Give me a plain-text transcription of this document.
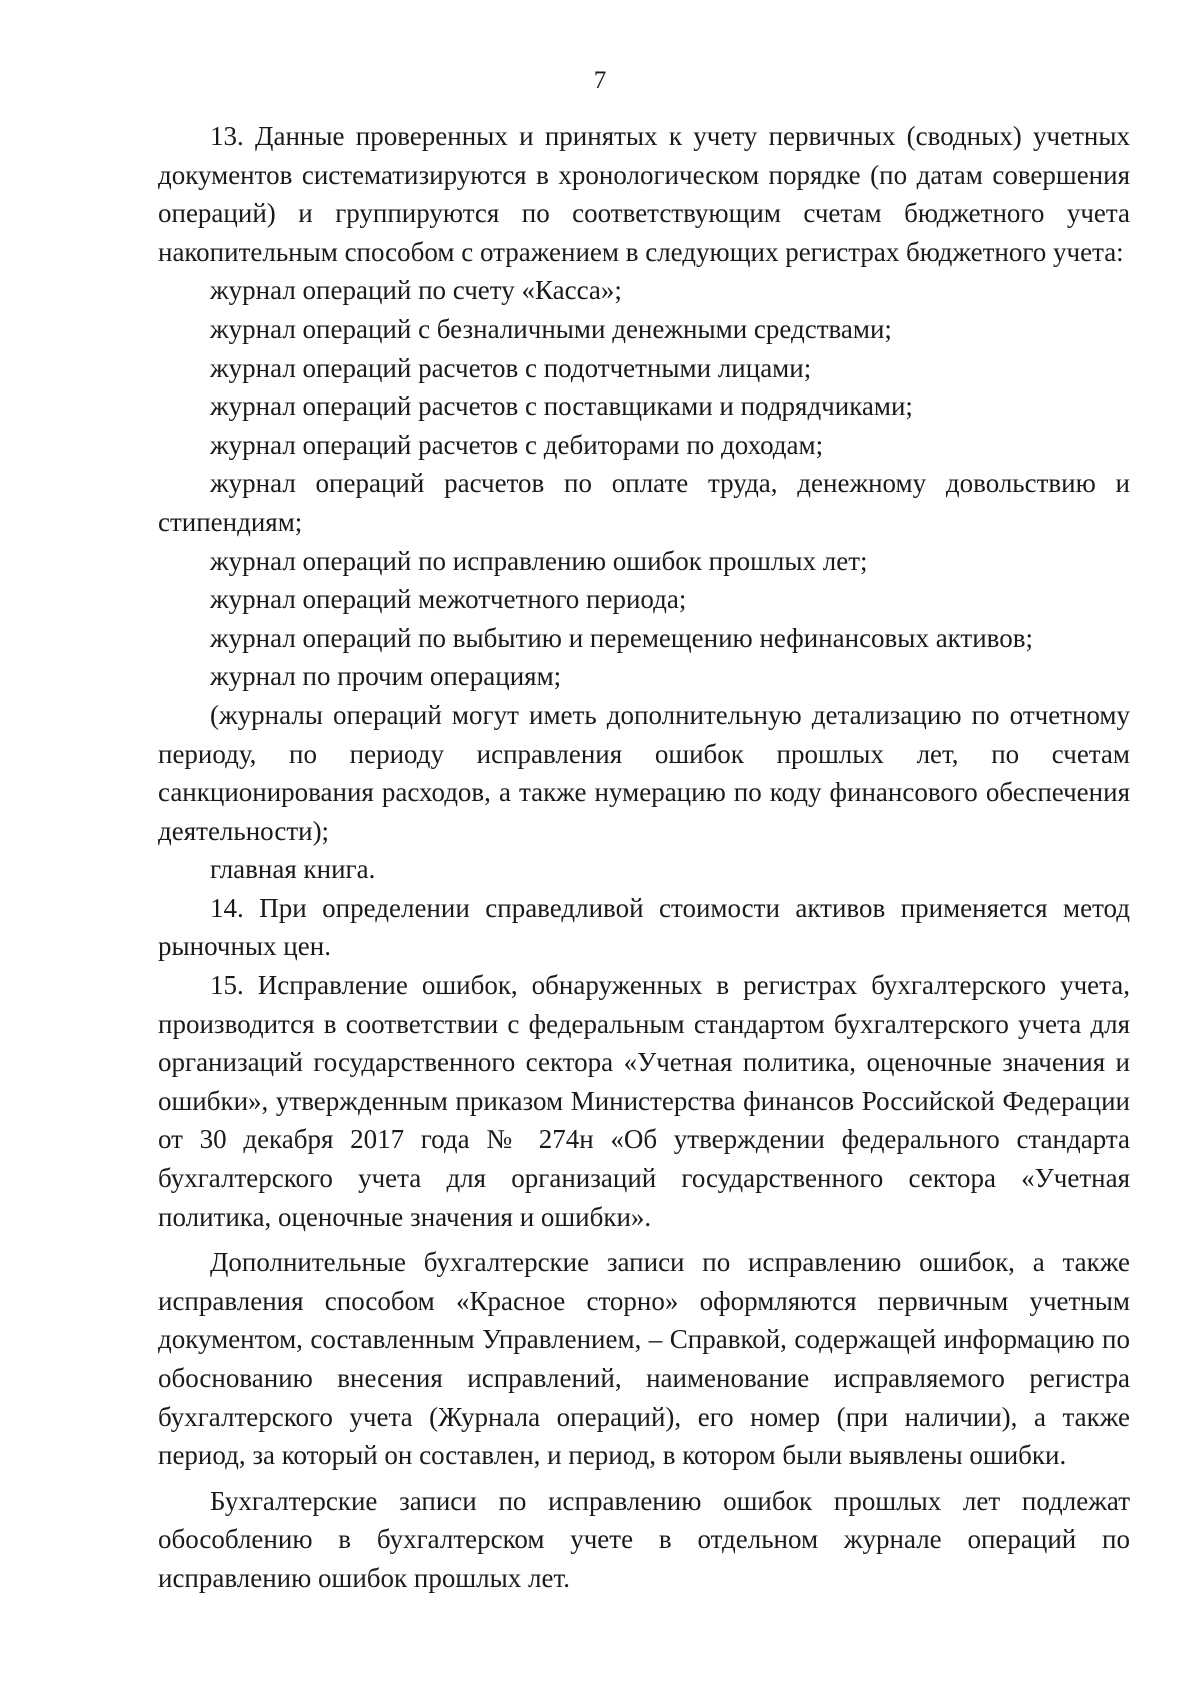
7

13. Данные проверенных и принятых к учету первичных (сводных) учетных документов систематизируются в хронологическом порядке (по датам совершения операций) и группируются по соответствующим счетам бюджетного учета накопительным способом с отражением в следующих регистрах бюджетного учета:

журнал операций по счету «Касса»;

журнал операций с безналичными денежными средствами;

журнал операций расчетов с подотчетными лицами;

журнал операций расчетов с поставщиками и подрядчиками;

журнал операций расчетов с дебиторами по доходам;

журнал операций расчетов по оплате труда, денежному довольствию и стипендиям;

журнал операций по исправлению ошибок прошлых лет;

журнал операций межотчетного периода;

журнал операций по выбытию и перемещению нефинансовых активов;

журнал по прочим операциям;

(журналы операций могут иметь дополнительную детализацию по отчетному периоду, по периоду исправления ошибок прошлых лет, по счетам санкционирования расходов, а также нумерацию по коду финансового обеспечения деятельности);

главная книга.

14. При определении справедливой стоимости активов применяется метод рыночных цен.

15. Исправление ошибок, обнаруженных в регистрах бухгалтерского учета, производится в соответствии с федеральным стандартом бухгалтерского учета для организаций государственного сектора «Учетная политика, оценочные значения и ошибки», утвержденным приказом Министерства финансов Российской Федерации от 30 декабря 2017 года № 274н «Об утверждении федерального стандарта бухгалтерского учета для организаций государственного сектора «Учетная политика, оценочные значения и ошибки».

Дополнительные бухгалтерские записи по исправлению ошибок, а также исправления способом «Красное сторно» оформляются первичным учетным документом, составленным Управлением, – Справкой, содержащей информацию по обоснованию внесения исправлений, наименование исправляемого регистра бухгалтерского учета (Журнала операций), его номер (при наличии), а также период, за который он составлен, и период, в котором были выявлены ошибки.

Бухгалтерские записи по исправлению ошибок прошлых лет подлежат обособлению в бухгалтерском учете в отдельном журнале операций по исправлению ошибок прошлых лет.
